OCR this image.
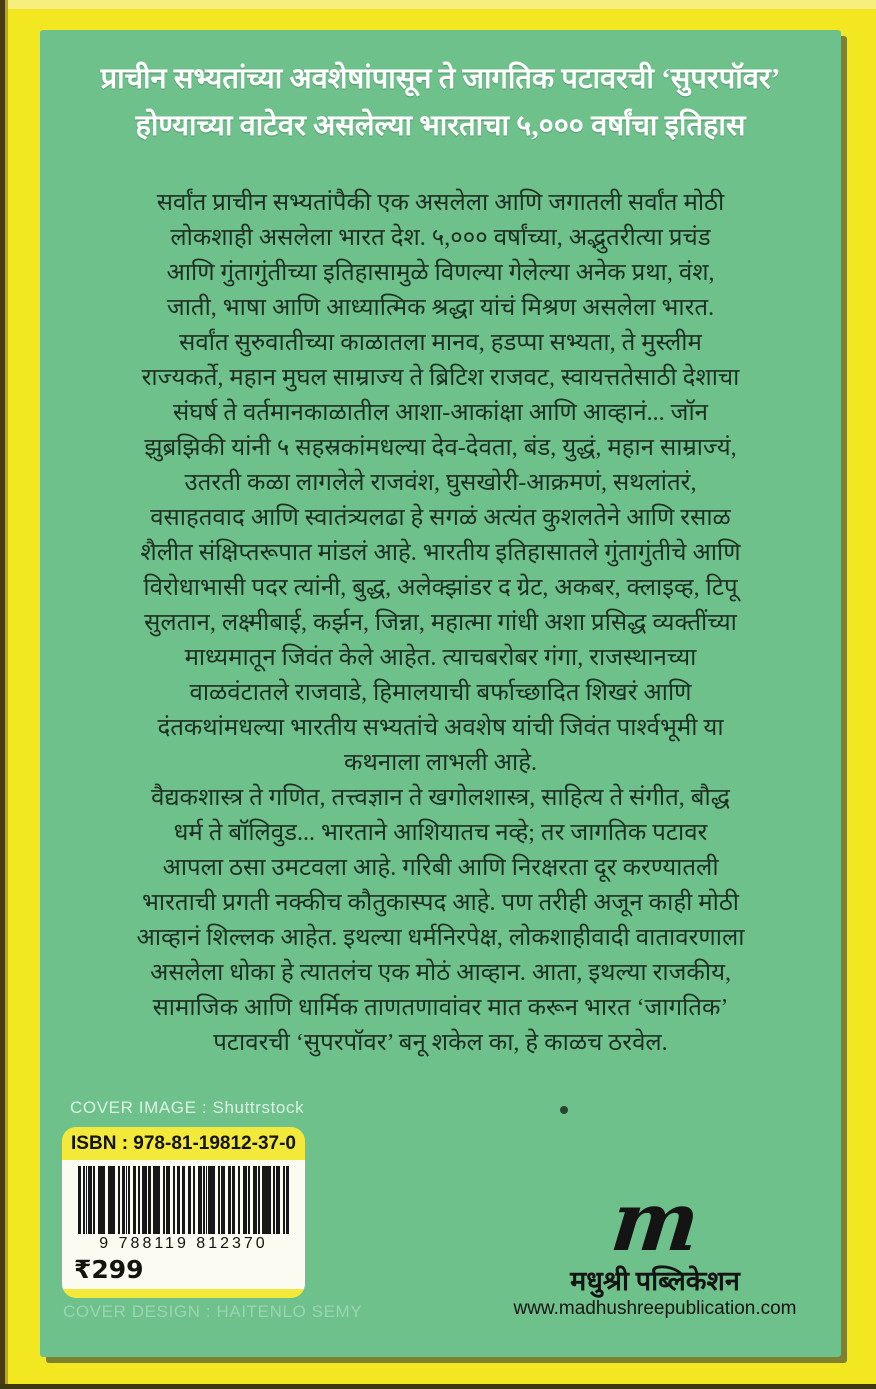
प्राचीन सभ्यतांच्या अवशेषांपासून ते जागतिक पटावरची ‘सुपरपॉवर’
होण्याच्या वाटेवर असलेल्या भारताचा ५,००० वर्षांचा इतिहास
सर्वांत प्राचीन सभ्यतांपैकी एक असलेला आणि जगातली सर्वांत मोठी
लोकशाही असलेला भारत देश. ५,००० वर्षांच्या, अद्भुतरीत्या प्रचंड
आणि गुंतागुंतीच्या इतिहासामुळे विणल्या गेलेल्या अनेक प्रथा, वंश,
जाती, भाषा आणि आध्यात्मिक श्रद्धा यांचं मिश्रण असलेला भारत.
सर्वांत सुरुवातीच्या काळातला मानव, हडप्पा सभ्यता, ते मुस्लीम
राज्यकर्ते, महान मुघल साम्राज्य ते ब्रिटिश राजवट, स्वायत्ततेसाठी देशाचा
संघर्ष ते वर्तमानकाळातील आशा-आकांक्षा आणि आव्हानं... जॉन
झुब्रझिकी यांनी ५ सहस्रकांमधल्या देव-देवता, बंड, युद्धं, महान साम्राज्यं,
उतरती कळा लागलेले राजवंश, घुसखोरी-आक्रमणं, सथलांतरं,
वसाहतवाद आणि स्वातंत्र्यलढा हे सगळं अत्यंत कुशलतेने आणि रसाळ
शैलीत संक्षिप्तरूपात मांडलं आहे. भारतीय इतिहासातले गुंतागुंतीचे आणि
विरोधाभासी पदर त्यांनी, बुद्ध, अलेक्झांडर द ग्रेट, अकबर, क्लाइव्ह, टिपू
सुलतान, लक्ष्मीबाई, कर्झन, जिन्ना, महात्मा गांधी अशा प्रसिद्ध व्यक्तींच्या
माध्यमातून जिवंत केले आहेत. त्याचबरोबर गंगा, राजस्थानच्या
वाळवंटातले राजवाडे, हिमालयाची बर्फाच्छादित शिखरं आणि
दंतकथांमधल्या भारतीय सभ्यतांचे अवशेष यांची जिवंत पार्श्वभूमी या
कथनाला लाभली आहे.
वैद्यकशास्त्र ते गणित, तत्त्वज्ञान ते खगोलशास्त्र, साहित्य ते संगीत, बौद्ध
धर्म ते बॉलिवुड... भारताने आशियातच नव्हे; तर जागतिक पटावर
आपला ठसा उमटवला आहे. गरिबी आणि निरक्षरता दूर करण्यातली
भारताची प्रगती नक्कीच कौतुकास्पद आहे. पण तरीही अजून काही मोठी
आव्हानं शिल्लक आहेत. इथल्या धर्मनिरपेक्ष, लोकशाहीवादी वातावरणाला
असलेला धोका हे त्यातलंच एक मोठं आव्हान. आता, इथल्या राजकीय,
सामाजिक आणि धार्मिक ताणतणावांवर मात करून भारत ‘जागतिक’
पटावरची ‘सुपरपॉवर’ बनू शकेल का, हे काळच ठरवेल.
COVER IMAGE : Shuttrstock
ISBN : 978-81-19812-37-0
9 788119 812370
₹299
COVER DESIGN : HAITENLO SEMY
m
मधुश्री पब्लिकेशन
www.madhushreepublication.com
